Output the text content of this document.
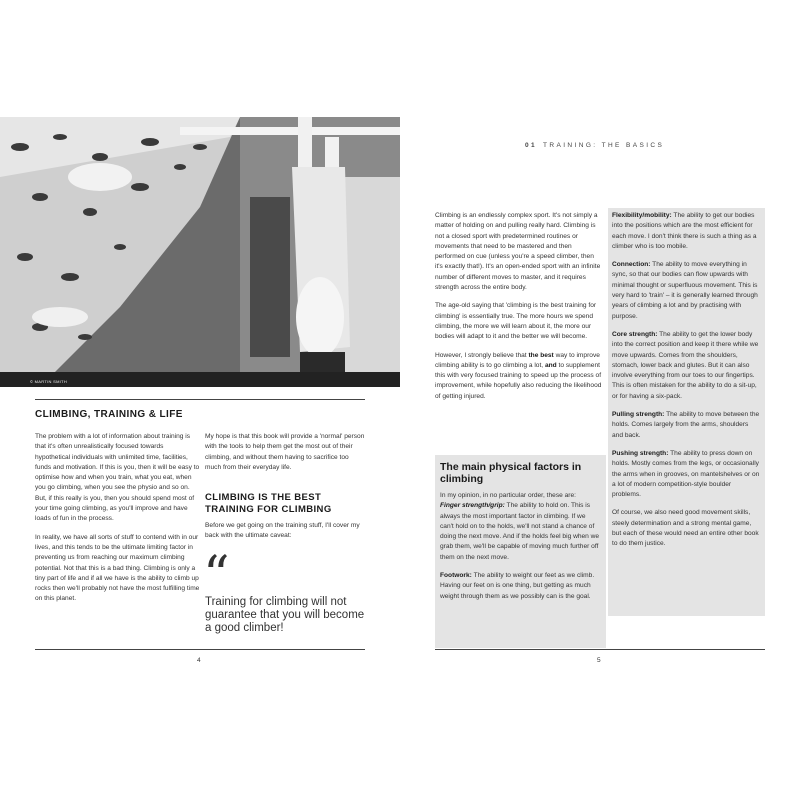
© MARTIN SMITH
CLIMBING, TRAINING & LIFE

The problem with a lot of information about training is that it's often unrealistically focused towards hypothetical individuals with unlimited time, facilities, funds and motivation. If this is you, then it will be easy to optimise how and when you train, what you eat, when you go climbing, when you see the physio and so on. But, if this really is you, then you should spend most of your time going climbing, as you'll improve and have loads of fun in the process.

In reality, we have all sorts of stuff to contend with in our lives, and this tends to be the ultimate limiting factor in preventing us from reaching our maximum climbing potential. Not that this is a bad thing. Climbing is only a tiny part of life and if all we have is the ability to climb up rocks then we'll probably not have the most fulfilling time on this planet.

My hope is that this book will provide a 'normal' person with the tools to help them get the most out of their climbing, and without them having to sacrifice too much from their everyday life.

CLIMBING IS THE BEST TRAINING FOR CLIMBING
Before we get going on the training stuff, I'll cover my back with the ultimate caveat:
“
Training for climbing will not guarantee that you will become a good climber!
4
01 TRAINING: THE BASICS

Climbing is an endlessly complex sport. It's not simply a matter of holding on and pulling really hard. Climbing is not a closed sport with predetermined routines or movements that need to be mastered and then performed on cue (unless you're a speed climber, then it's exactly that!). It's an open-ended sport with an infinite number of different moves to master, and it requires strength across the entire body.

The age-old saying that 'climbing is the best training for climbing' is essentially true. The more hours we spend climbing, the more we will learn about it, the more our bodies will adapt to it and the better we will become.

However, I strongly believe that the best way to improve climbing ability is to go climbing a lot, and to supplement this with very focused training to speed up the process of improvement, while hopefully also reducing the likelihood of getting injured.

The main physical factors in climbing

In my opinion, in no particular order, these are:

Finger strength/grip: The ability to hold on. This is always the most important factor in climbing. If we can't hold on to the holds, we'll not stand a chance of doing the next move. And if the holds feel big when we grab them, we'll be capable of moving much further off them on the next move.

Footwork: The ability to weight our feet as we climb. Having our feet on is one thing, but getting as much weight through them as we possibly can is the goal.

Flexibility/mobility: The ability to get our bodies into the positions which are the most efficient for each move. I don't think there is such a thing as a climber who is too mobile.

Connection: The ability to move everything in sync, so that our bodies can flow upwards with minimal thought or superfluous movement. This is very hard to 'train' – it is generally learned through years of climbing a lot and by practising with purpose.

Core strength: The ability to get the lower body into the correct position and keep it there while we move upwards. Comes from the shoulders, stomach, lower back and glutes. But it can also involve everything from our toes to our fingertips. This is often mistaken for the ability to do a sit-up, or for having a six-pack.

Pulling strength: The ability to move between the holds. Comes largely from the arms, shoulders and back.

Pushing strength: The ability to press down on holds. Mostly comes from the legs, or occasionally the arms when in grooves, on mantelshelves or on a lot of modern competition-style boulder problems.

Of course, we also need good movement skills, steely determination and a strong mental game, but each of these would need an entire other book to do them justice.

5
